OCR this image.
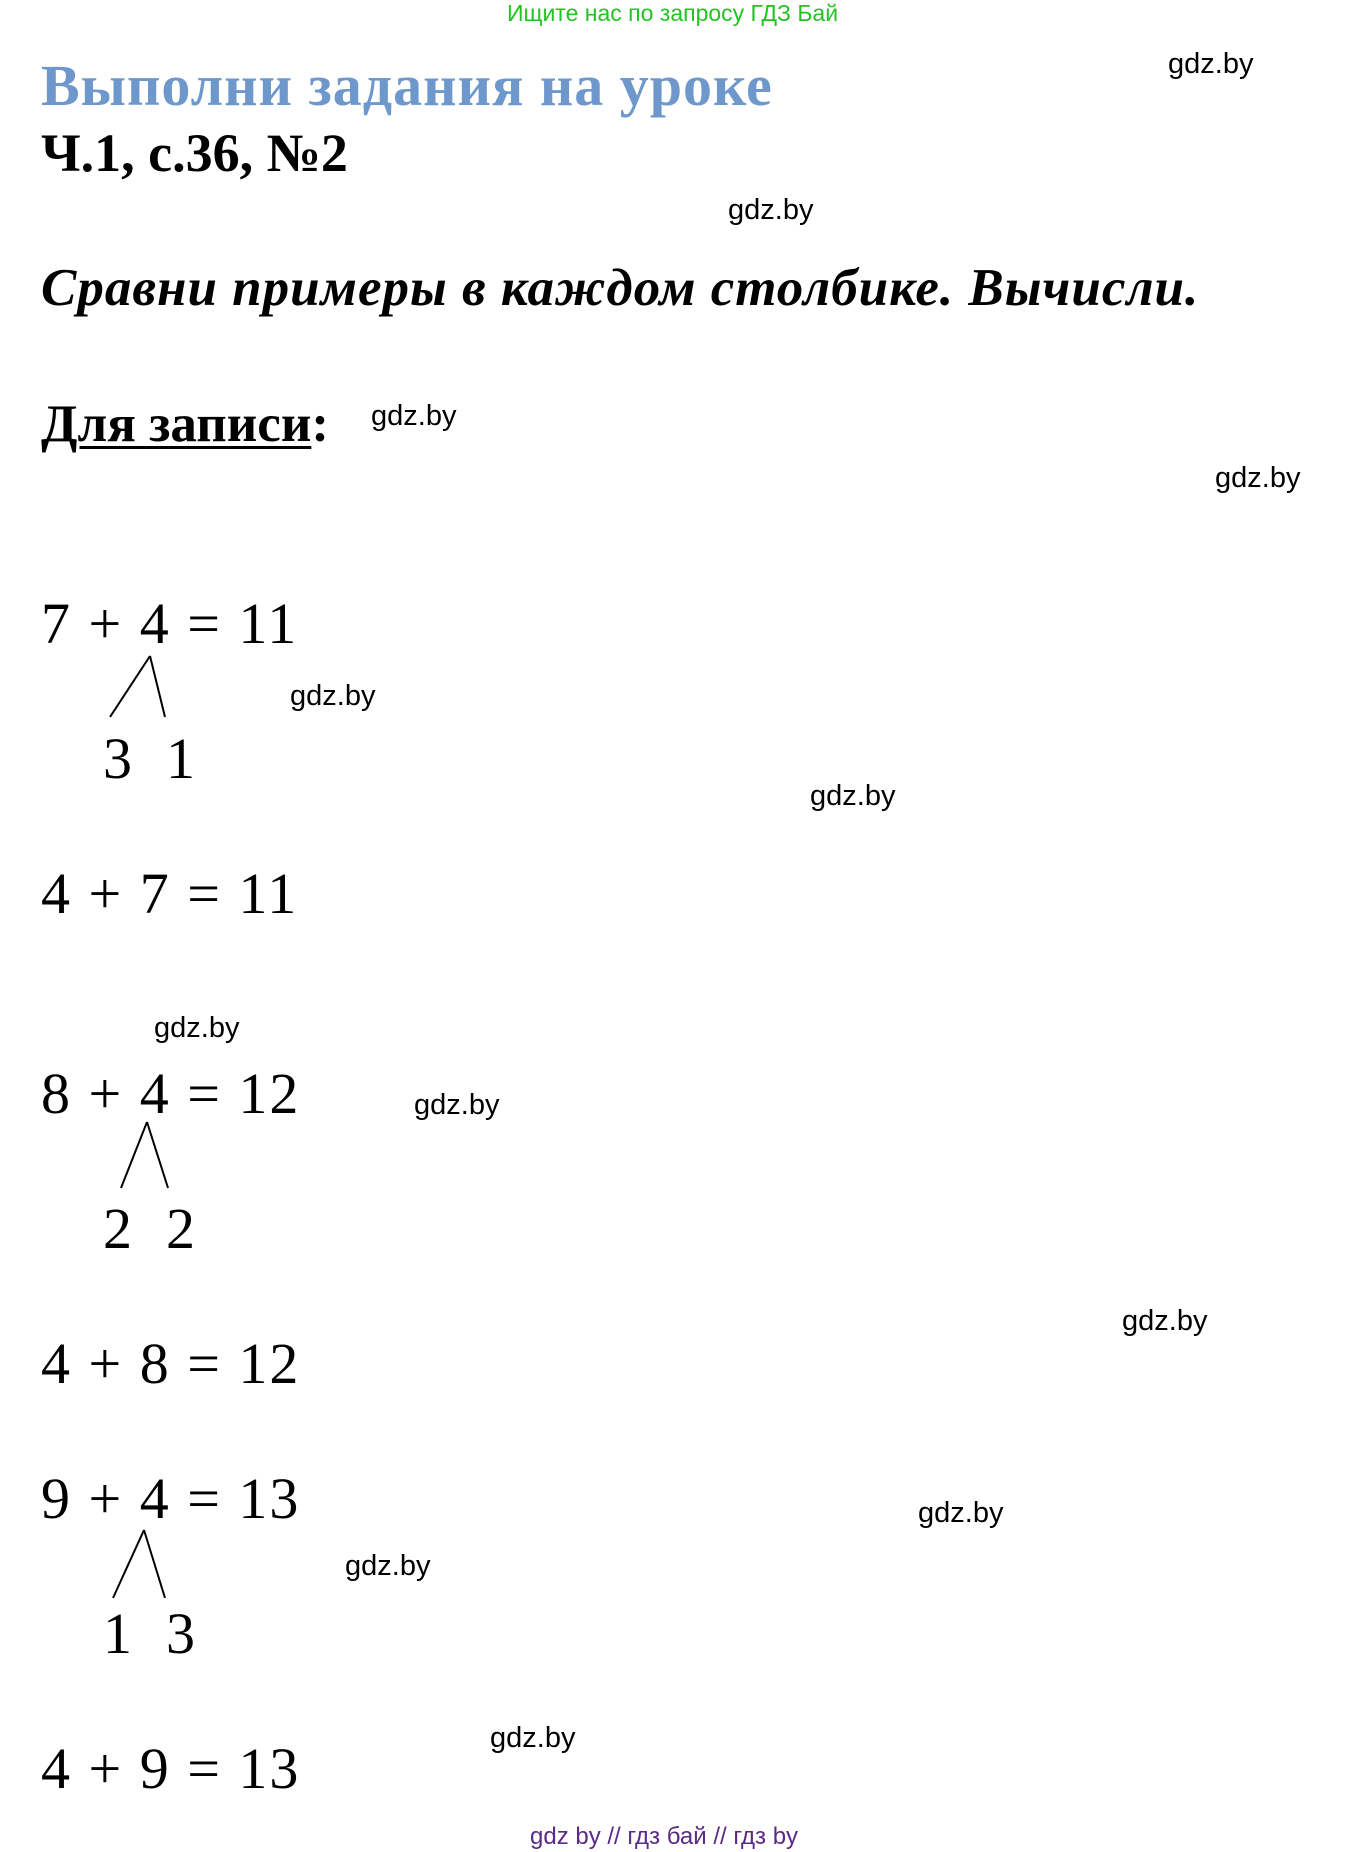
Ищите нас по запросу ГДЗ Бай
Выполни задания на уроке
Ч.1, с.36, №2
gdz.by
gdz.by
Сравни примеры в каждом столбике. Вычисли.
Для записи: gdz.by
gdz.by
7 + 4 = 11
3 1
gdz.by
gdz.by
4 + 7 = 11
gdz.by
8 + 4 = 12
2 2
gdz.by
gdz.by
4 + 8 = 12
9 + 4 = 13
1 3
gdz.by
gdz.by
gdz.by
4 + 9 = 13
gdz by // гдз бай // гдз by
